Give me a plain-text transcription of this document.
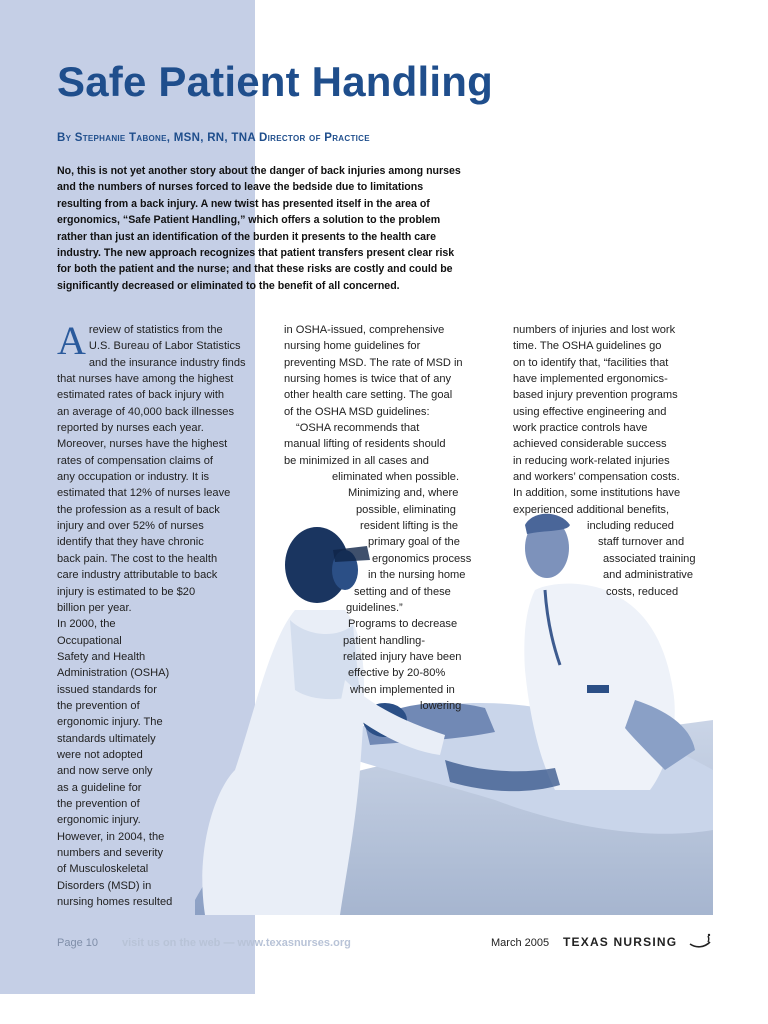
Safe Patient Handling
By Stephanie Tabone, MSN, RN, TNA Director of Practice

No, this is not yet another story about the danger of back injuries among nurses and the numbers of nurses forced to leave the bedside due to limitations resulting from a back injury. A new twist has presented itself in the area of ergonomics, “Safe Patient Handling,” which offers a solution to the problem rather than just an identification of the burden it presents to the health care industry. The new approach recognizes that patient transfers present clear risk for both the patient and the nurse; and that these risks are costly and could be significantly decreased or eliminated to the benefit of all concerned.

A review of statistics from the

U.S. Bureau of Labor Statistics

and the insurance industry finds

that nurses have among the highest

estimated rates of back injury with

an average of 40,000 back illnesses

reported by nurses each year.

Moreover, nurses have the highest

rates of compensation claims of

any occupation or industry. It is

estimated that 12% of nurses leave

the profession as a result of back

injury and over 52% of nurses

identify that they have chronic

back pain. The cost to the health

care industry attributable to back

injury is estimated to be $20

billion per year.

In 2000, the

Occupational

Safety and Health

Administration (OSHA)

issued standards for

the prevention of

ergonomic injury. The

standards ultimately

were not adopted

and now serve only

as a guideline for

the prevention of

ergonomic injury.

However, in 2004, the

numbers and severity

of Musculoskeletal

Disorders (MSD) in

nursing homes resulted

in OSHA-issued, comprehensive

nursing home guidelines for

preventing MSD. The rate of MSD in

nursing homes is twice that of any

other health care setting. The goal

of the OSHA MSD guidelines:

“OSHA recommends that

manual lifting of residents should

be minimized in all cases and

eliminated when possible.

Minimizing and, where

possible, eliminating

resident lifting is the

primary goal of the

ergonomics process

in the nursing home

setting and of these

guidelines.”

Programs to decrease

patient handling-

related injury have been

effective by 20-80%

when implemented in

lowering

numbers of injuries and lost work

time. The OSHA guidelines go

on to identify that, “facilities that

have implemented ergonomics-

based injury prevention programs

using effective engineering and

work practice controls have

achieved considerable success

in reducing work-related injuries

and workers’ compensation costs.

In addition, some institutions have

experienced additional benefits,

including reduced

staff turnover and

associated training

and administrative

costs, reduced

Page 10 visit us on the web — www.texasnurses.org	March 2005 TEXAS NURSING
